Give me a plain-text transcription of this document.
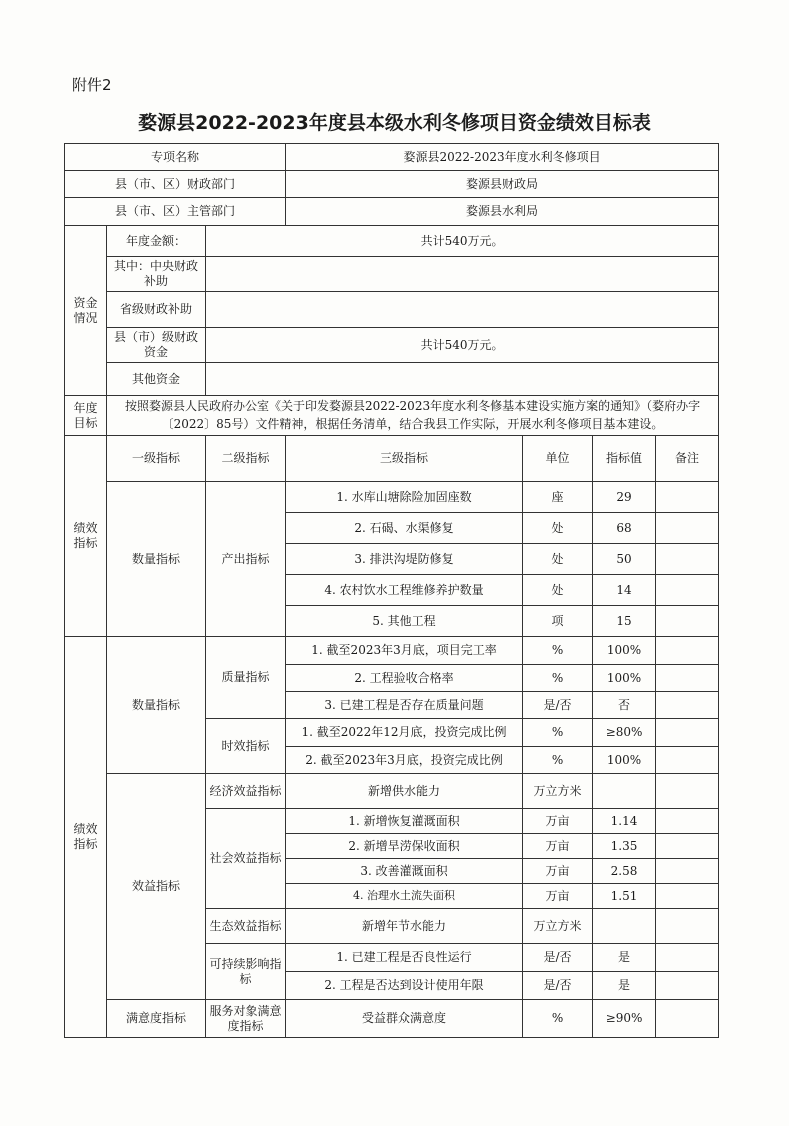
附件2
婺源县2022-2023年度县本级水利冬修项目资金绩效目标表
专项名称			婺源县2022-2023年度水利冬修项目			
县（市、区）财政部门			婺源县财政局			
县（市、区）主管部门			婺源县水利局			
资金情况	年度金额：	共计540万元。				
	其中：中央财政补助					
	省级财政补助					
	县（市）级财政资金	共计540万元。				
	其他资金					
年度目标	按照婺源县人民政府办公室《关于印发婺源县2022-2023年度水利冬修基本建设实施方案的通知》（婺府办字〔2022〕85号）文件精神，根据任务清单，结合我县工作实际，开展水利冬修项目基本建设。					
绩效指标	一级指标	二级指标	三级指标	单位	指标值	备注
	数量指标	产出指标	1. 水库山塘除险加固座数	座	29	
			2. 石碣、水渠修复	处	68	
			3. 排洪沟堤防修复	处	50	
			4. 农村饮水工程维修养护数量	处	14	
			5. 其他工程	项	15	
绩效指标	数量指标	质量指标	1. 截至2023年3月底，项目完工率	%	100%	
			2. 工程验收合格率	%	100%	
			3. 已建工程是否存在质量问题	是/否	否	
		时效指标	1. 截至2022年12月底，投资完成比例	%	≥80%	
			2. 截至2023年3月底，投资完成比例	%	100%	
	效益指标	经济效益指标	新增供水能力	万立方米		
		社会效益指标	1. 新增恢复灌溉面积	万亩	1.14	
			2. 新增旱涝保收面积	万亩	1.35	
			3. 改善灌溉面积	万亩	2.58	
			4. 治理水土流失面积	万亩	1.51	
		生态效益指标	新增年节水能力	万立方米		
		可持续影响指标	1. 已建工程是否良性运行	是/否	是	
			2. 工程是否达到设计使用年限	是/否	是	
	满意度指标	服务对象满意度指标	受益群众满意度	%	≥90%	
